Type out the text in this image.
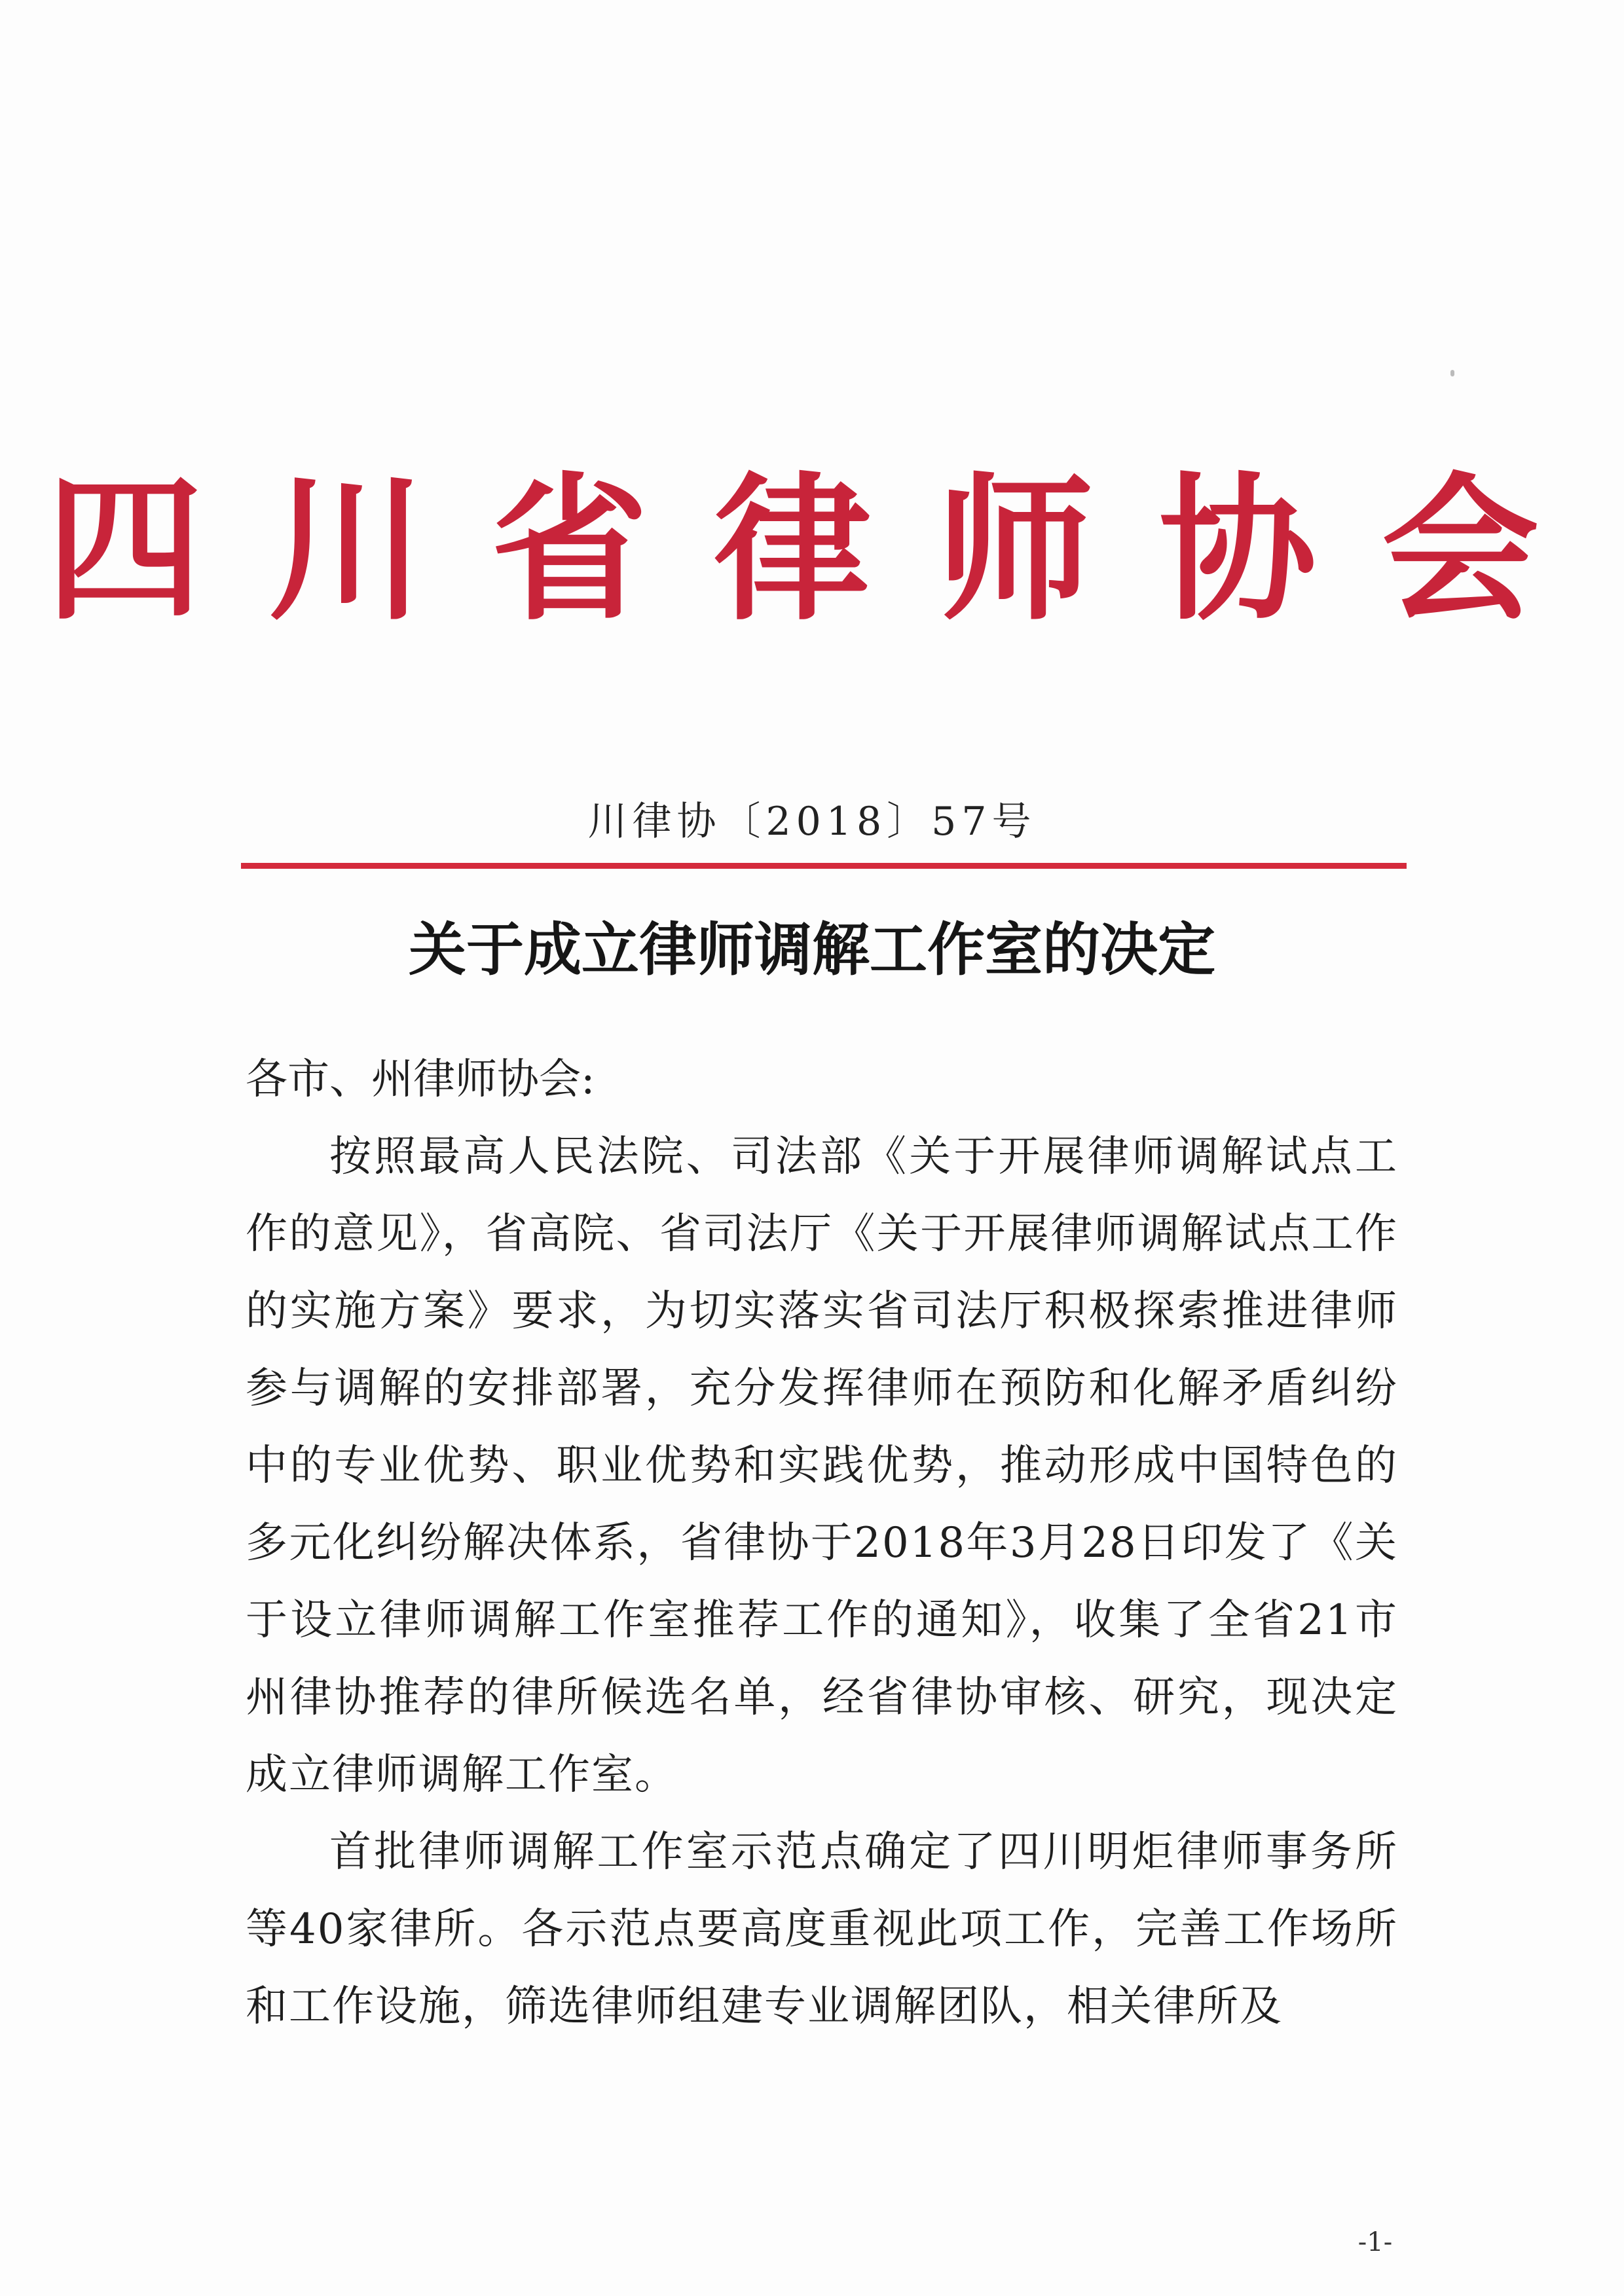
四川省律师协会
川律协〔2018〕57号
关于成立律师调解工作室的决定

各市、州律师协会:

按照最高人民法院、司法部《关于开展律师调解试点工作的意见》，省高院、省司法厅《关于开展律师调解试点工作的实施方案》要求，为切实落实省司法厅积极探索推进律师参与调解的安排部署，充分发挥律师在预防和化解矛盾纠纷中的专业优势、职业优势和实践优势，推动形成中国特色的多元化纠纷解决体系，省律协于2018年3月28日印发了《关于设立律师调解工作室推荐工作的通知》，收集了全省21市州律协推荐的律所候选名单，经省律协审核、研究，现决定成立律师调解工作室。

首批律师调解工作室示范点确定了四川明炬律师事务所等40家律所。各示范点要高度重视此项工作，完善工作场所和工作设施，筛选律师组建专业调解团队，相关律所及

-1-
